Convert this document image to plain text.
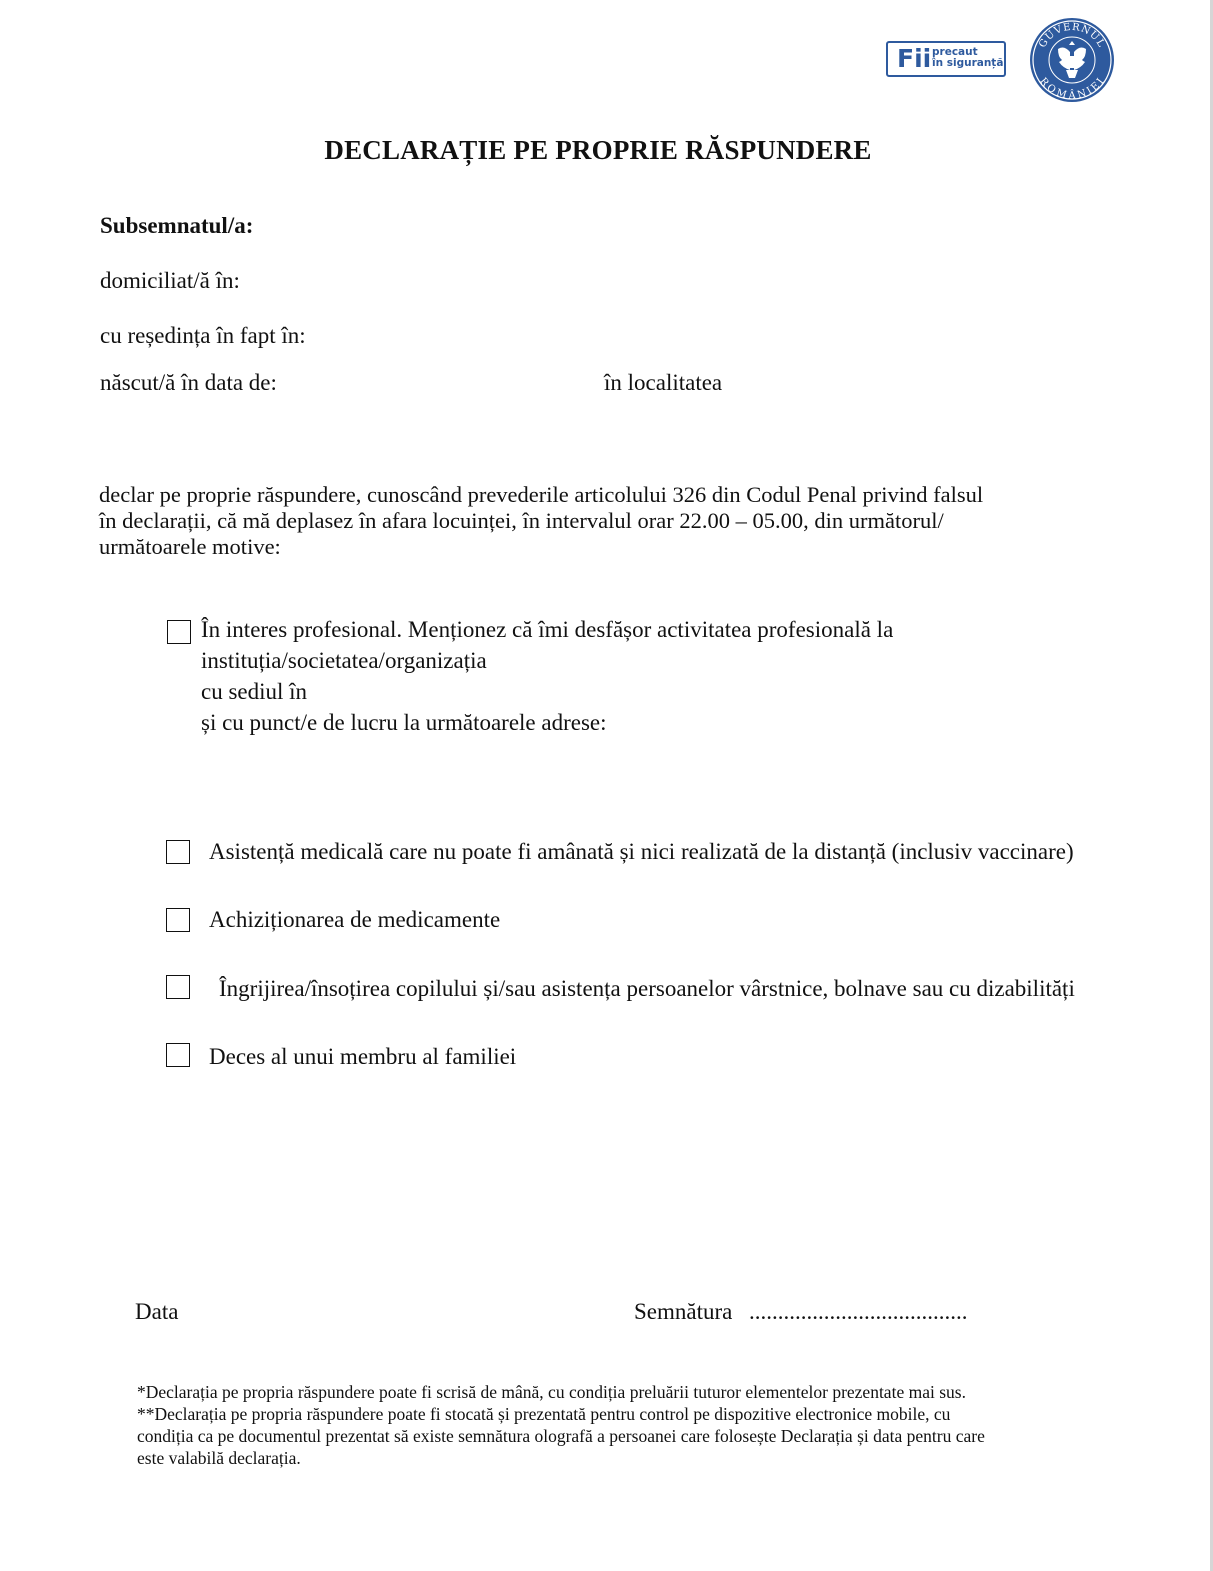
Fii precaut
în siguranță
GUVERNUL
ROMÂNIEI
DECLARAȚIE PE PROPRIE RĂSPUNDERE
Subsemnatul/a:
domiciliat/ă în:
cu reședința în fapt în:
născut/ă în data de:	în localitatea
declar pe proprie răspundere, cunoscând prevederile articolului 326 din Codul Penal privind falsul
în declarații, că mă deplasez în afara locuinței, în intervalul orar 22.00 – 05.00, din următorul/
următoarele motive:
În interes profesional. Menționez că îmi desfășor activitatea profesională la
instituția/societatea/organizația
cu sediul în
și cu punct/e de lucru la următoarele adrese:
Asistență medicală care nu poate fi amânată și nici realizată de la distanță (inclusiv vaccinare)
Achiziționarea de medicamente
Îngrijirea/însoțirea copilului și/sau asistența persoanelor vârstnice, bolnave sau cu dizabilități
Deces al unui membru al familiei
Data	Semnătura ......................................
*Declarația pe propria răspundere poate fi scrisă de mână, cu condiția preluării tuturor elementelor prezentate mai sus.
**Declarația pe propria răspundere poate fi stocată și prezentată pentru control pe dispozitive electronice mobile, cu
condiția ca pe documentul prezentat să existe semnătura olografă a persoanei care folosește Declarația și data pentru care
este valabilă declarația.
